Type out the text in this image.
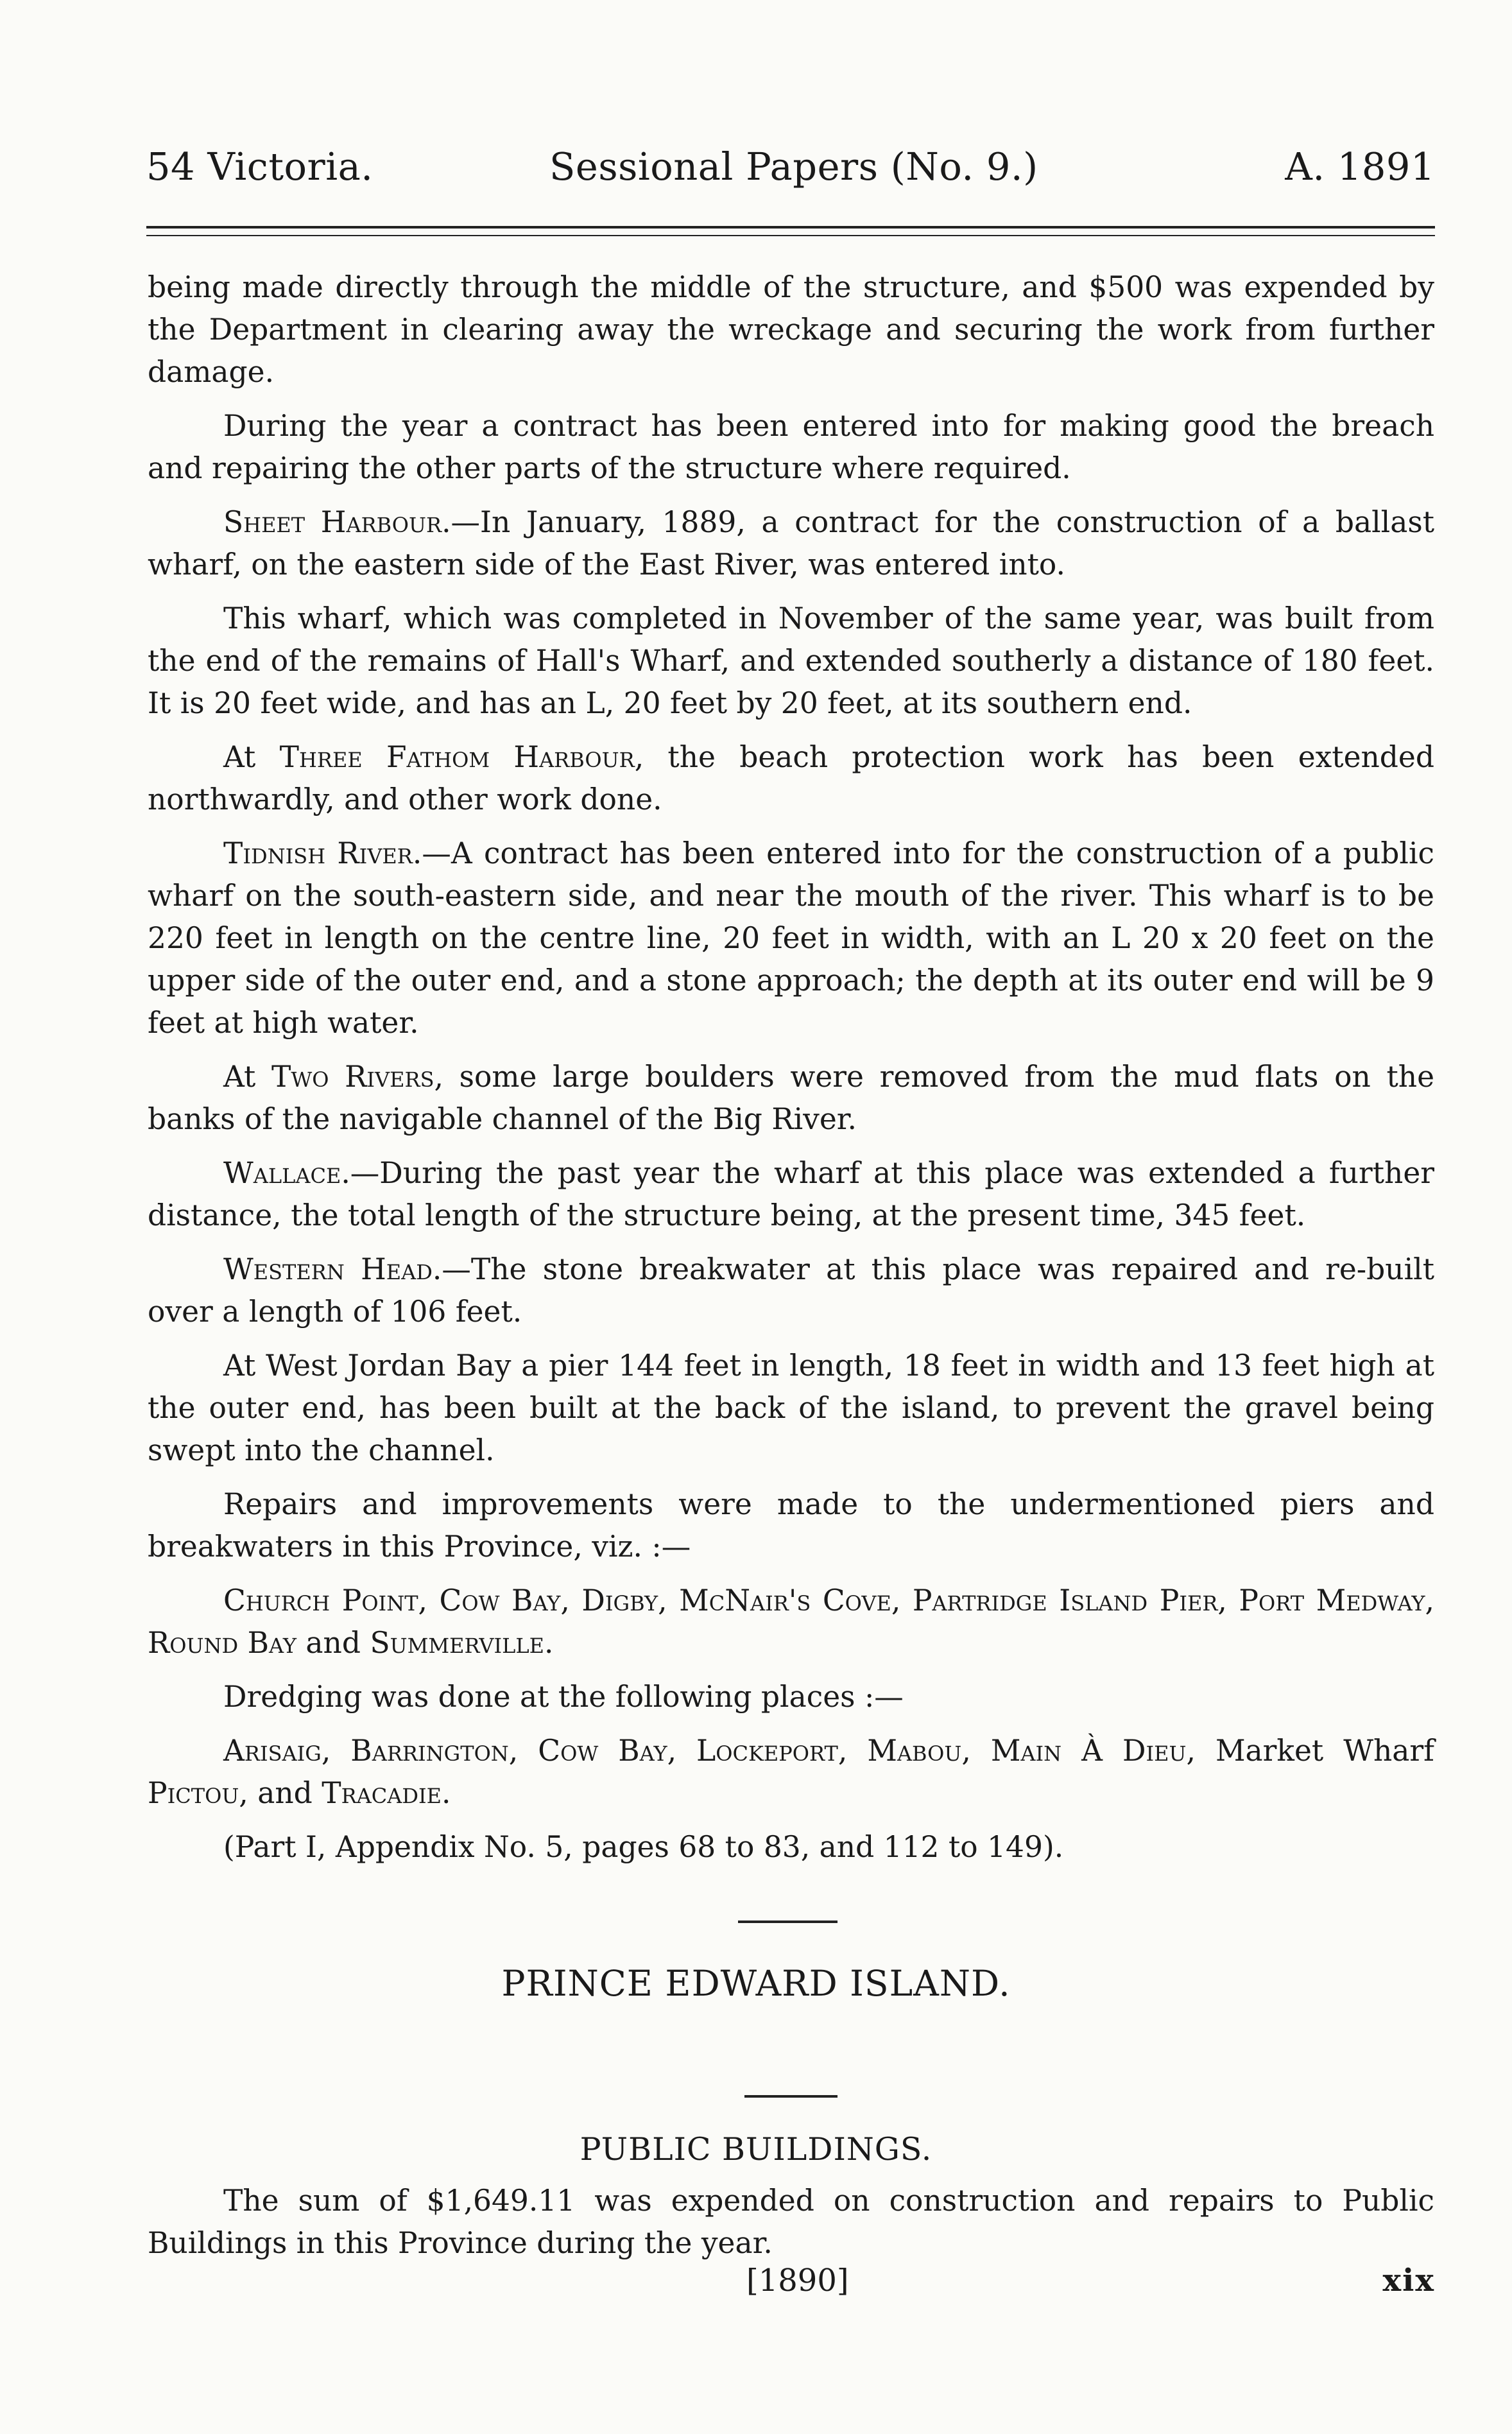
54 Victoria.	Sessional Papers (No. 9.)	A. 1891

being made directly through the middle of the structure, and $500 was expended by the Department in clearing away the wreckage and securing the work from further damage.

During the year a contract has been entered into for making good the breach and repairing the other parts of the structure where required.

Sheet Harbour.—In January, 1889, a contract for the construction of a ballast wharf, on the eastern side of the East River, was entered into.

This wharf, which was completed in November of the same year, was built from the end of the remains of Hall's Wharf, and extended southerly a distance of 180 feet. It is 20 feet wide, and has an L, 20 feet by 20 feet, at its southern end.

At Three Fathom Harbour, the beach protection work has been extended northwardly, and other work done.

Tidnish River.—A contract has been entered into for the construction of a public wharf on the south-eastern side, and near the mouth of the river. This wharf is to be 220 feet in length on the centre line, 20 feet in width, with an L 20 x 20 feet on the upper side of the outer end, and a stone approach; the depth at its outer end will be 9 feet at high water.

At Two Rivers, some large boulders were removed from the mud flats on the banks of the navigable channel of the Big River.

Wallace.—During the past year the wharf at this place was extended a further distance, the total length of the structure being, at the present time, 345 feet.

Western Head.—The stone breakwater at this place was repaired and re-built over a length of 106 feet.

At West Jordan Bay a pier 144 feet in length, 18 feet in width and 13 feet high at the outer end, has been built at the back of the island, to prevent the gravel being swept into the channel.

Repairs and improvements were made to the undermentioned piers and breakwaters in this Province, viz. :—

Church Point, Cow Bay, Digby, McNair's Cove, Partridge Island Pier, Port Medway, Round Bay and Summerville.

Dredging was done at the following places :—

Arisaig, Barrington, Cow Bay, Lockeport, Mabou, Main À Dieu, Market Wharf Pictou, and Tracadie.

(Part I, Appendix No. 5, pages 68 to 83, and 112 to 149).

PRINCE EDWARD ISLAND.
PUBLIC BUILDINGS.

The sum of $1,649.11 was expended on construction and repairs to Public Buildings in this Province during the year.

[1890]	xix
